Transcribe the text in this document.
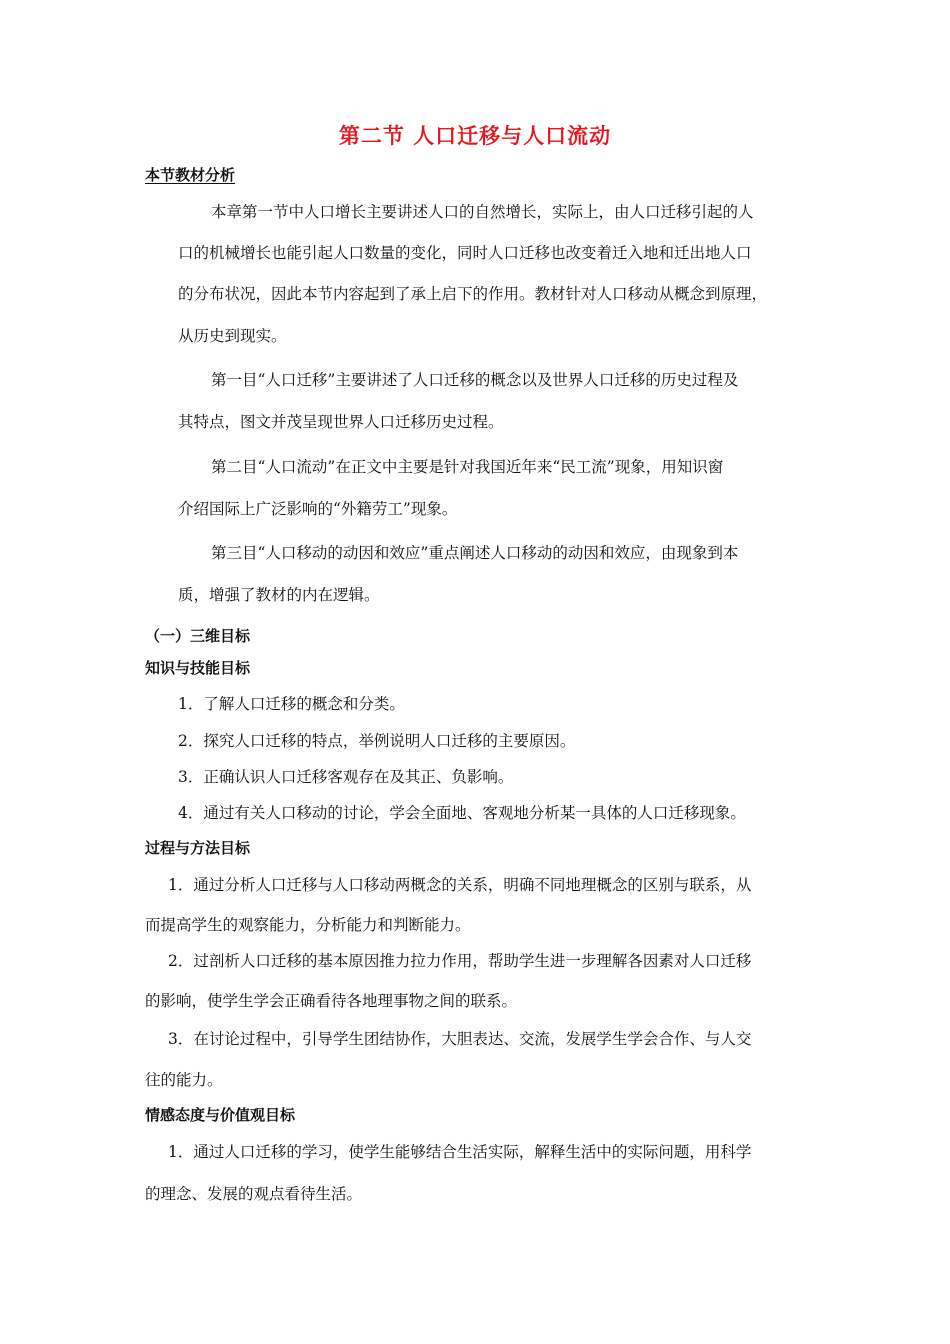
第二节 人口迁移与人口流动
本节教材分析
本章第一节中人口增长主要讲述人口的自然增长，实际上，由人口迁移引起的人
口的机械增长也能引起人口数量的变化，同时人口迁移也改变着迁入地和迁出地人口
的分布状况，因此本节内容起到了承上启下的作用。教材针对人口移动从概念到原理，
从历史到现实。
第一目“人口迁移”主要讲述了人口迁移的概念以及世界人口迁移的历史过程及
其特点，图文并茂呈现世界人口迁移历史过程。
第二目“人口流动”在正文中主要是针对我国近年来“民工流”现象，用知识窗
介绍国际上广泛影响的“外籍劳工”现象。
第三目“人口移动的动因和效应”重点阐述人口移动的动因和效应，由现象到本
质，增强了教材的内在逻辑。
（一）三维目标
知识与技能目标
1．了解人口迁移的概念和分类。
2．探究人口迁移的特点，举例说明人口迁移的主要原因。
3．正确认识人口迁移客观存在及其正、负影响。
4．通过有关人口移动的讨论，学会全面地、客观地分析某一具体的人口迁移现象。
过程与方法目标
1．通过分析人口迁移与人口移动两概念的关系，明确不同地理概念的区别与联系，从
而提高学生的观察能力，分析能力和判断能力。
2．过剖析人口迁移的基本原因推力拉力作用，帮助学生进一步理解各因素对人口迁移
的影响，使学生学会正确看待各地理事物之间的联系。
3．在讨论过程中，引导学生团结协作，大胆表达、交流，发展学生学会合作、与人交
往的能力。
情感态度与价值观目标
1．通过人口迁移的学习，使学生能够结合生活实际，解释生活中的实际问题，用科学
的理念、发展的观点看待生活。
